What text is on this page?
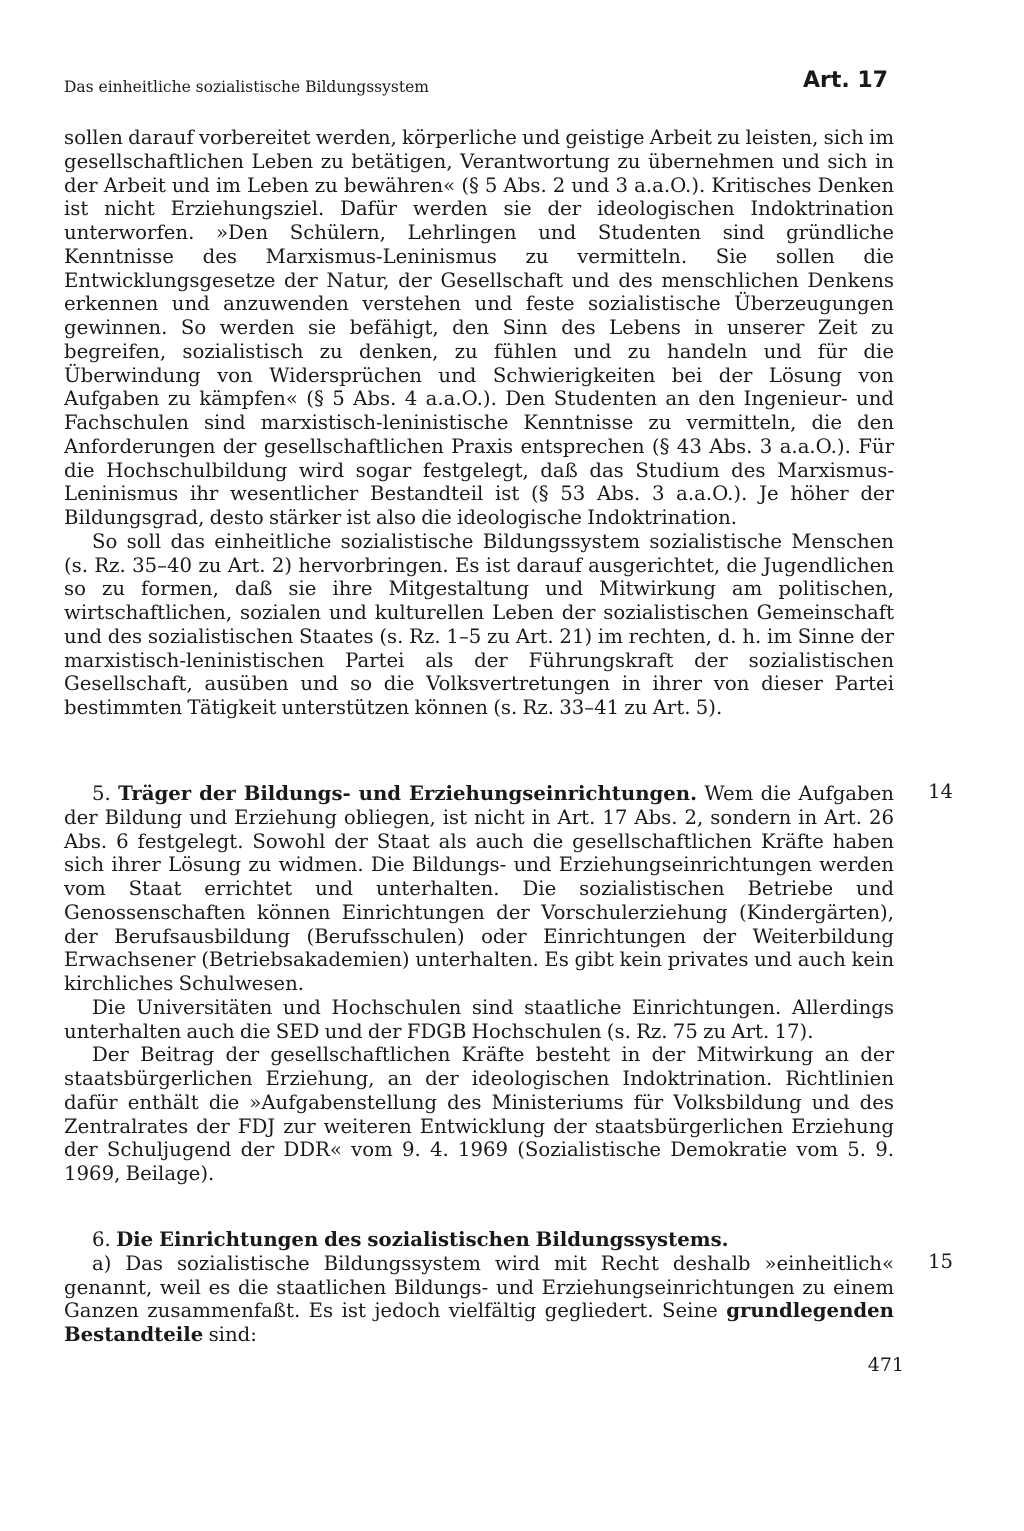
Das einheitliche sozialistische Bildungssystem	Art. 17

sollen darauf vorbereitet werden, körperliche und geistige Arbeit zu leisten, sich im gesellschaftlichen Leben zu betätigen, Verantwortung zu übernehmen und sich in der Arbeit und im Leben zu bewähren« (§ 5 Abs. 2 und 3 a.a.O.). Kritisches Denken ist nicht Erziehungsziel. Dafür werden sie der ideologischen Indoktrination unterworfen. »Den Schülern, Lehrlingen und Studenten sind gründliche Kenntnisse des Marxismus-Leninismus zu vermitteln. Sie sollen die Entwicklungsgesetze der Natur, der Gesellschaft und des menschlichen Denkens erkennen und anzuwenden verstehen und feste sozialistische Überzeugungen gewinnen. So werden sie befähigt, den Sinn des Lebens in unserer Zeit zu begreifen, sozialistisch zu denken, zu fühlen und zu handeln und für die Überwindung von Widersprüchen und Schwierigkeiten bei der Lösung von Aufgaben zu kämpfen« (§ 5 Abs. 4 a.a.O.). Den Studenten an den Ingenieur- und Fachschulen sind marxistisch-leninistische Kenntnisse zu vermitteln, die den Anforderungen der gesellschaftlichen Praxis entsprechen (§ 43 Abs. 3 a.a.O.). Für die Hochschulbildung wird sogar festgelegt, daß das Studium des Marxismus-Leninismus ihr wesentlicher Bestandteil ist (§ 53 Abs. 3 a.a.O.). Je höher der Bildungsgrad, desto stärker ist also die ideologische Indoktrination.

So soll das einheitliche sozialistische Bildungssystem sozialistische Menschen (s. Rz. 35–40 zu Art. 2) hervorbringen. Es ist darauf ausgerichtet, die Jugendlichen so zu formen, daß sie ihre Mitgestaltung und Mitwirkung am politischen, wirtschaftlichen, sozialen und kulturellen Leben der sozialistischen Gemeinschaft und des sozialistischen Staates (s. Rz. 1–5 zu Art. 21) im rechten, d. h. im Sinne der marxistisch-leninistischen Partei als der Führungskraft der sozialistischen Gesellschaft, ausüben und so die Volksvertretungen in ihrer von dieser Partei bestimmten Tätigkeit unterstützen können (s. Rz. 33–41 zu Art. 5).

14

5. Träger der Bildungs- und Erziehungseinrichtungen. Wem die Aufgaben der Bildung und Erziehung obliegen, ist nicht in Art. 17 Abs. 2, sondern in Art. 26 Abs. 6 festgelegt. Sowohl der Staat als auch die gesellschaftlichen Kräfte haben sich ihrer Lösung zu widmen. Die Bildungs- und Erziehungseinrichtungen werden vom Staat errichtet und unterhalten. Die sozialistischen Betriebe und Genossenschaften können Einrichtungen der Vorschulerziehung (Kindergärten), der Berufsausbildung (Berufsschulen) oder Einrichtungen der Weiterbildung Erwachsener (Betriebsakademien) unterhalten. Es gibt kein privates und auch kein kirchliches Schulwesen.

Die Universitäten und Hochschulen sind staatliche Einrichtungen. Allerdings unterhalten auch die SED und der FDGB Hochschulen (s. Rz. 75 zu Art. 17).

Der Beitrag der gesellschaftlichen Kräfte besteht in der Mitwirkung an der staatsbürgerlichen Erziehung, an der ideologischen Indoktrination. Richtlinien dafür enthält die »Aufgabenstellung des Ministeriums für Volksbildung und des Zentralrates der FDJ zur weiteren Entwicklung der staatsbürgerlichen Erziehung der Schuljugend der DDR« vom 9. 4. 1969 (Sozialistische Demokratie vom 5. 9. 1969, Beilage).

15

6. Die Einrichtungen des sozialistischen Bildungssystems.

a) Das sozialistische Bildungssystem wird mit Recht deshalb »einheitlich« genannt, weil es die staatlichen Bildungs- und Erziehungseinrichtungen zu einem Ganzen zusammenfaßt. Es ist jedoch vielfältig gegliedert. Seine grundlegenden Bestandteile sind:

471
